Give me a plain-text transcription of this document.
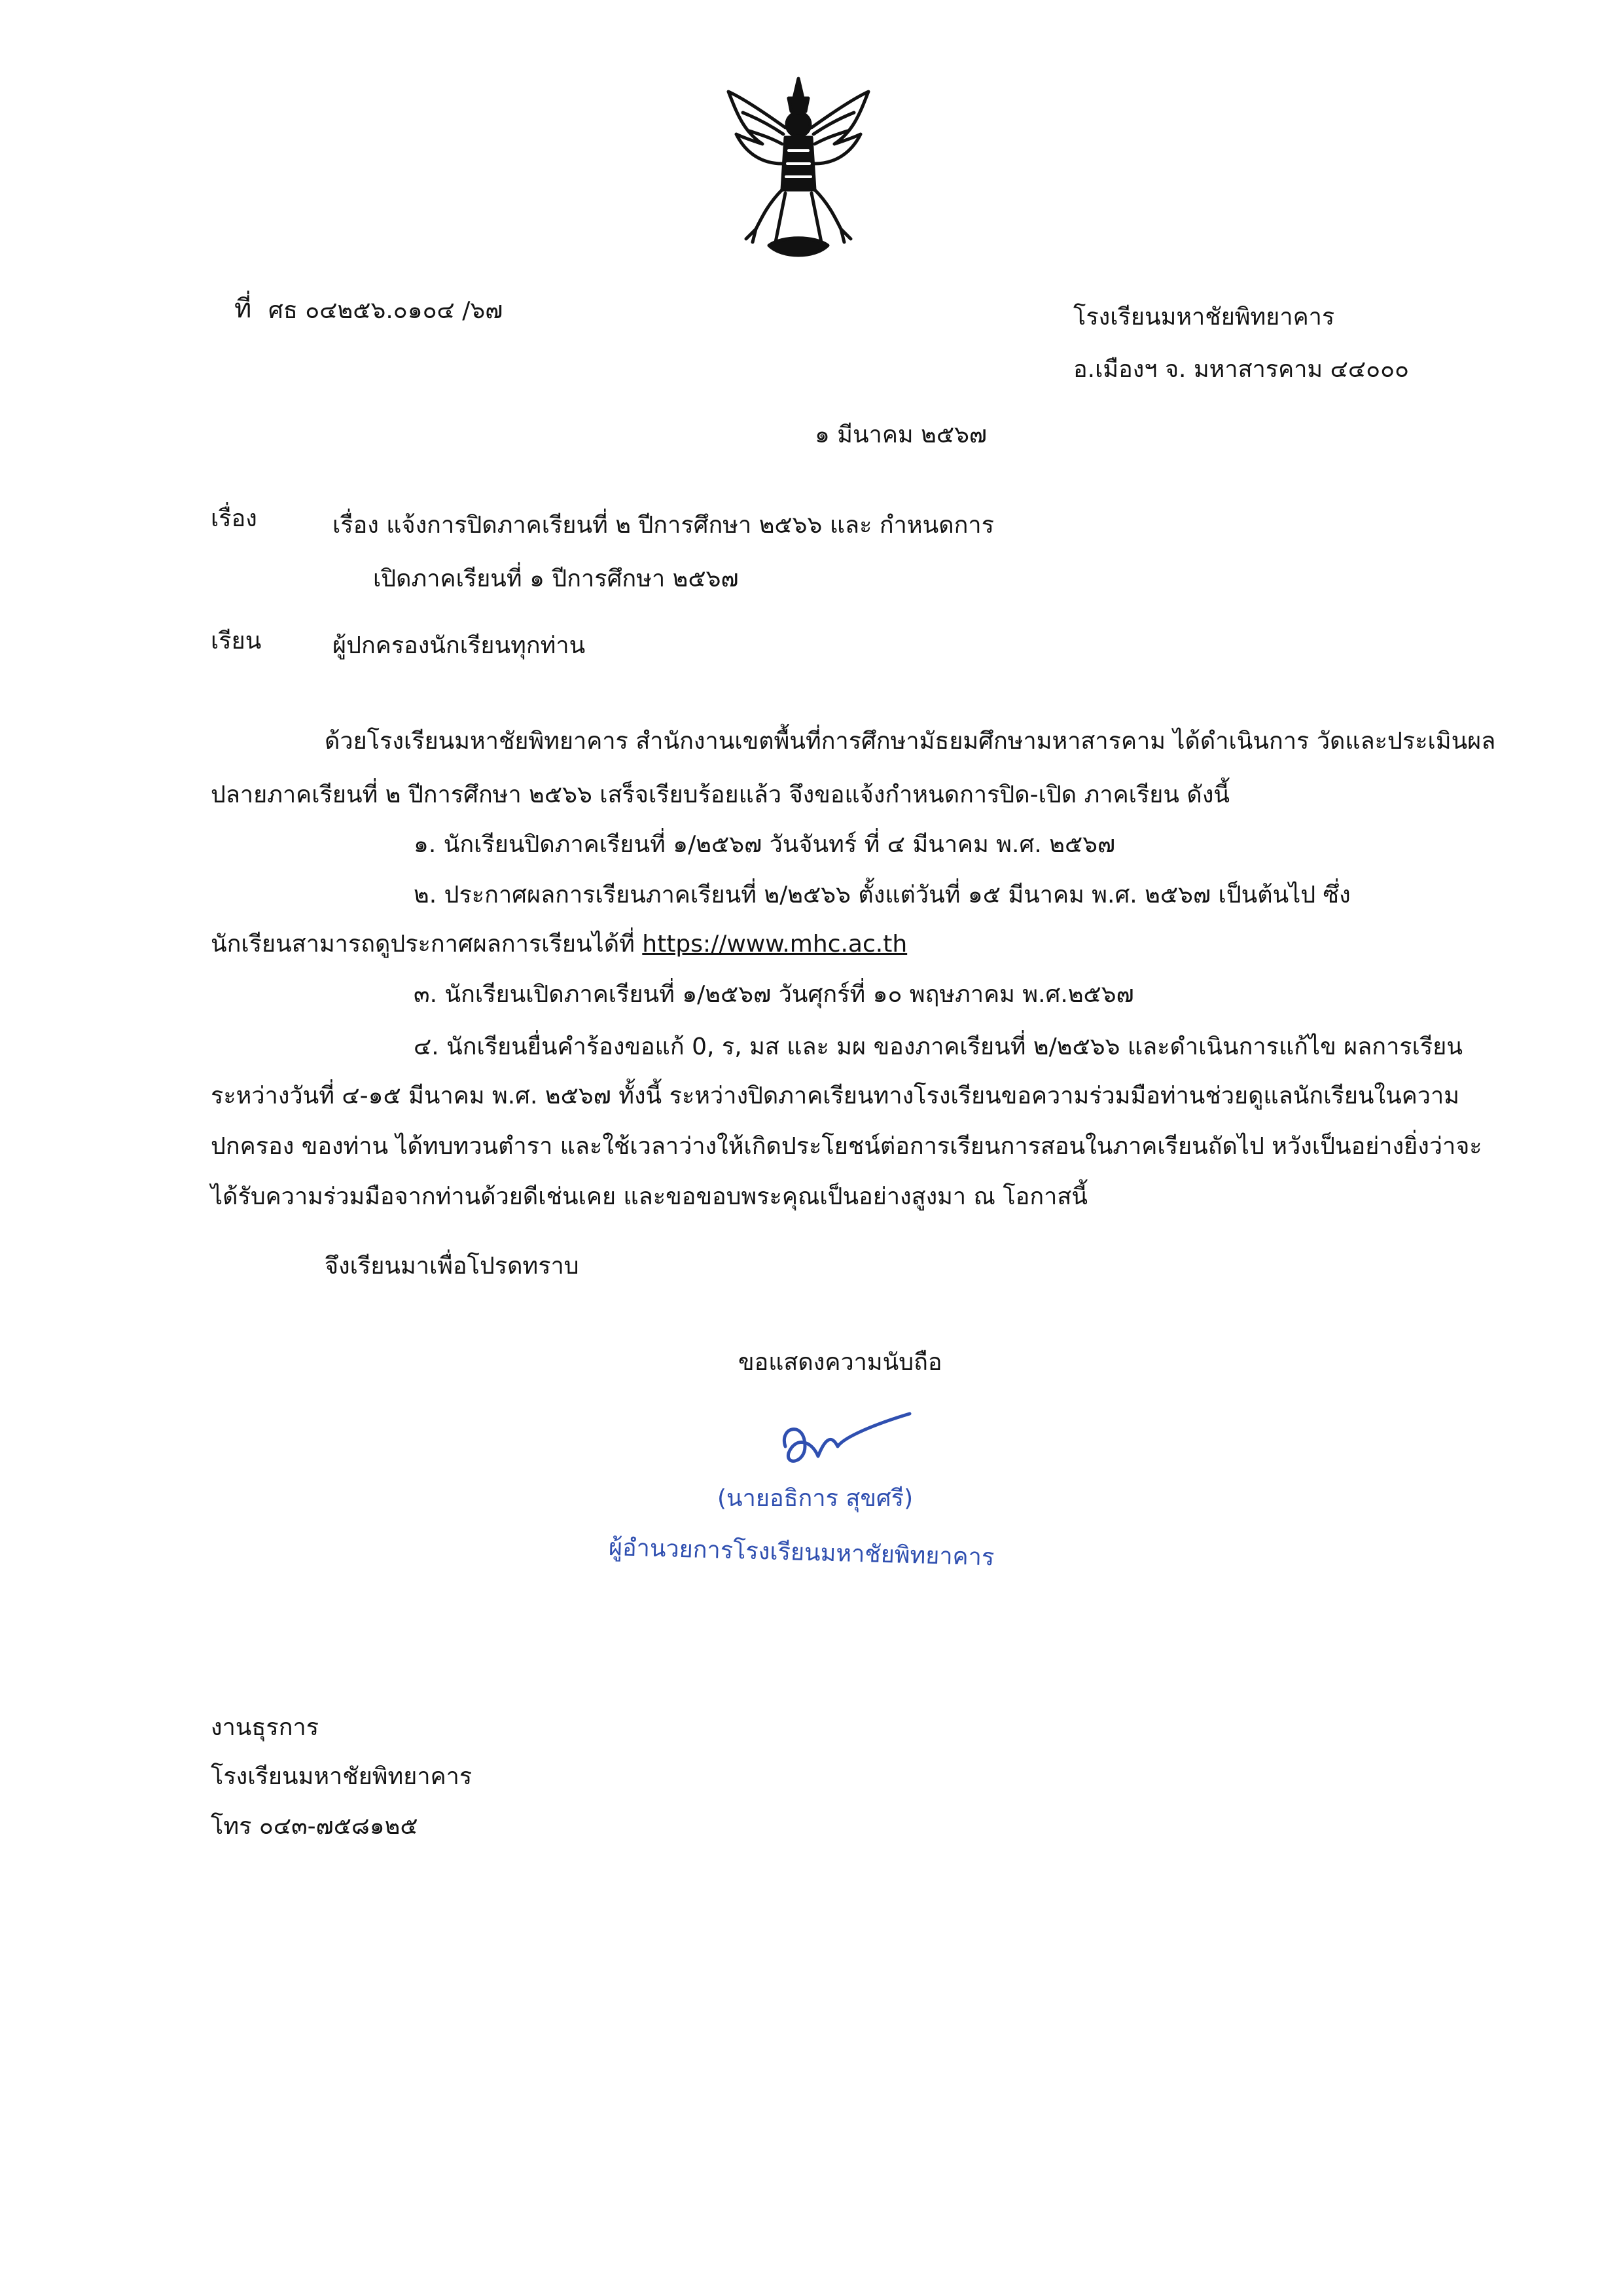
ที่ ศธ ๐๔๒๕๖.๐๑๐๔ /๖๗	โรงเรียนมหาชัยพิทยาคาร
อ.เมืองฯ จ. มหาสารคาม ๔๔๐๐๐
๑ มีนาคม ๒๕๖๗
เรื่อง	เรื่อง แจ้งการปิดภาคเรียนที่ ๒ ปีการศึกษา ๒๕๖๖ และ กำหนดการ
เปิดภาคเรียนที่ ๑ ปีการศึกษา ๒๕๖๗
เรียน	ผู้ปกครองนักเรียนทุกท่าน
ด้วยโรงเรียนมหาชัยพิทยาคาร สำนักงานเขตพื้นที่การศึกษามัธยมศึกษามหาสารคาม ได้ดำเนินการ วัดและประเมินผล
ปลายภาคเรียนที่ ๒ ปีการศึกษา ๒๕๖๖ เสร็จเรียบร้อยแล้ว จึงขอแจ้งกำหนดการปิด-เปิด ภาคเรียน ดังนี้
๑. นักเรียนปิดภาคเรียนที่ ๑/๒๕๖๗ วันจันทร์ ที่ ๔ มีนาคม พ.ศ. ๒๕๖๗
๒. ประกาศผลการเรียนภาคเรียนที่ ๒/๒๕๖๖ ตั้งแต่วันที่ ๑๕ มีนาคม พ.ศ. ๒๕๖๗ เป็นต้นไป ซึ่ง
นักเรียนสามารถดูประกาศผลการเรียนได้ที่ https://www.mhc.ac.th
๓. นักเรียนเปิดภาคเรียนที่ ๑/๒๕๖๗ วันศุกร์ที่ ๑๐ พฤษภาคม พ.ศ.๒๕๖๗
๔. นักเรียนยื่นคำร้องขอแก้ 0, ร, มส และ มผ ของภาคเรียนที่ ๒/๒๕๖๖ และดำเนินการแก้ไข ผลการเรียน
ระหว่างวันที่ ๔-๑๕ มีนาคม พ.ศ. ๒๕๖๗ ทั้งนี้ ระหว่างปิดภาคเรียนทางโรงเรียนขอความร่วมมือท่านช่วยดูแลนักเรียนในความ
ปกครอง ของท่าน ได้ทบทวนตำรา และใช้เวลาว่างให้เกิดประโยชน์ต่อการเรียนการสอนในภาคเรียนถัดไป หวังเป็นอย่างยิ่งว่าจะ
ได้รับความร่วมมือจากท่านด้วยดีเช่นเคย และขอขอบพระคุณเป็นอย่างสูงมา ณ โอกาสนี้
จึงเรียนมาเพื่อโปรดทราบ
ขอแสดงความนับถือ
(นายอธิการ สุขศรี)
ผู้อำนวยการโรงเรียนมหาชัยพิทยาคาร
งานธุรการ
โรงเรียนมหาชัยพิทยาคาร
โทร ๐๔๓-๗๕๘๑๒๕
